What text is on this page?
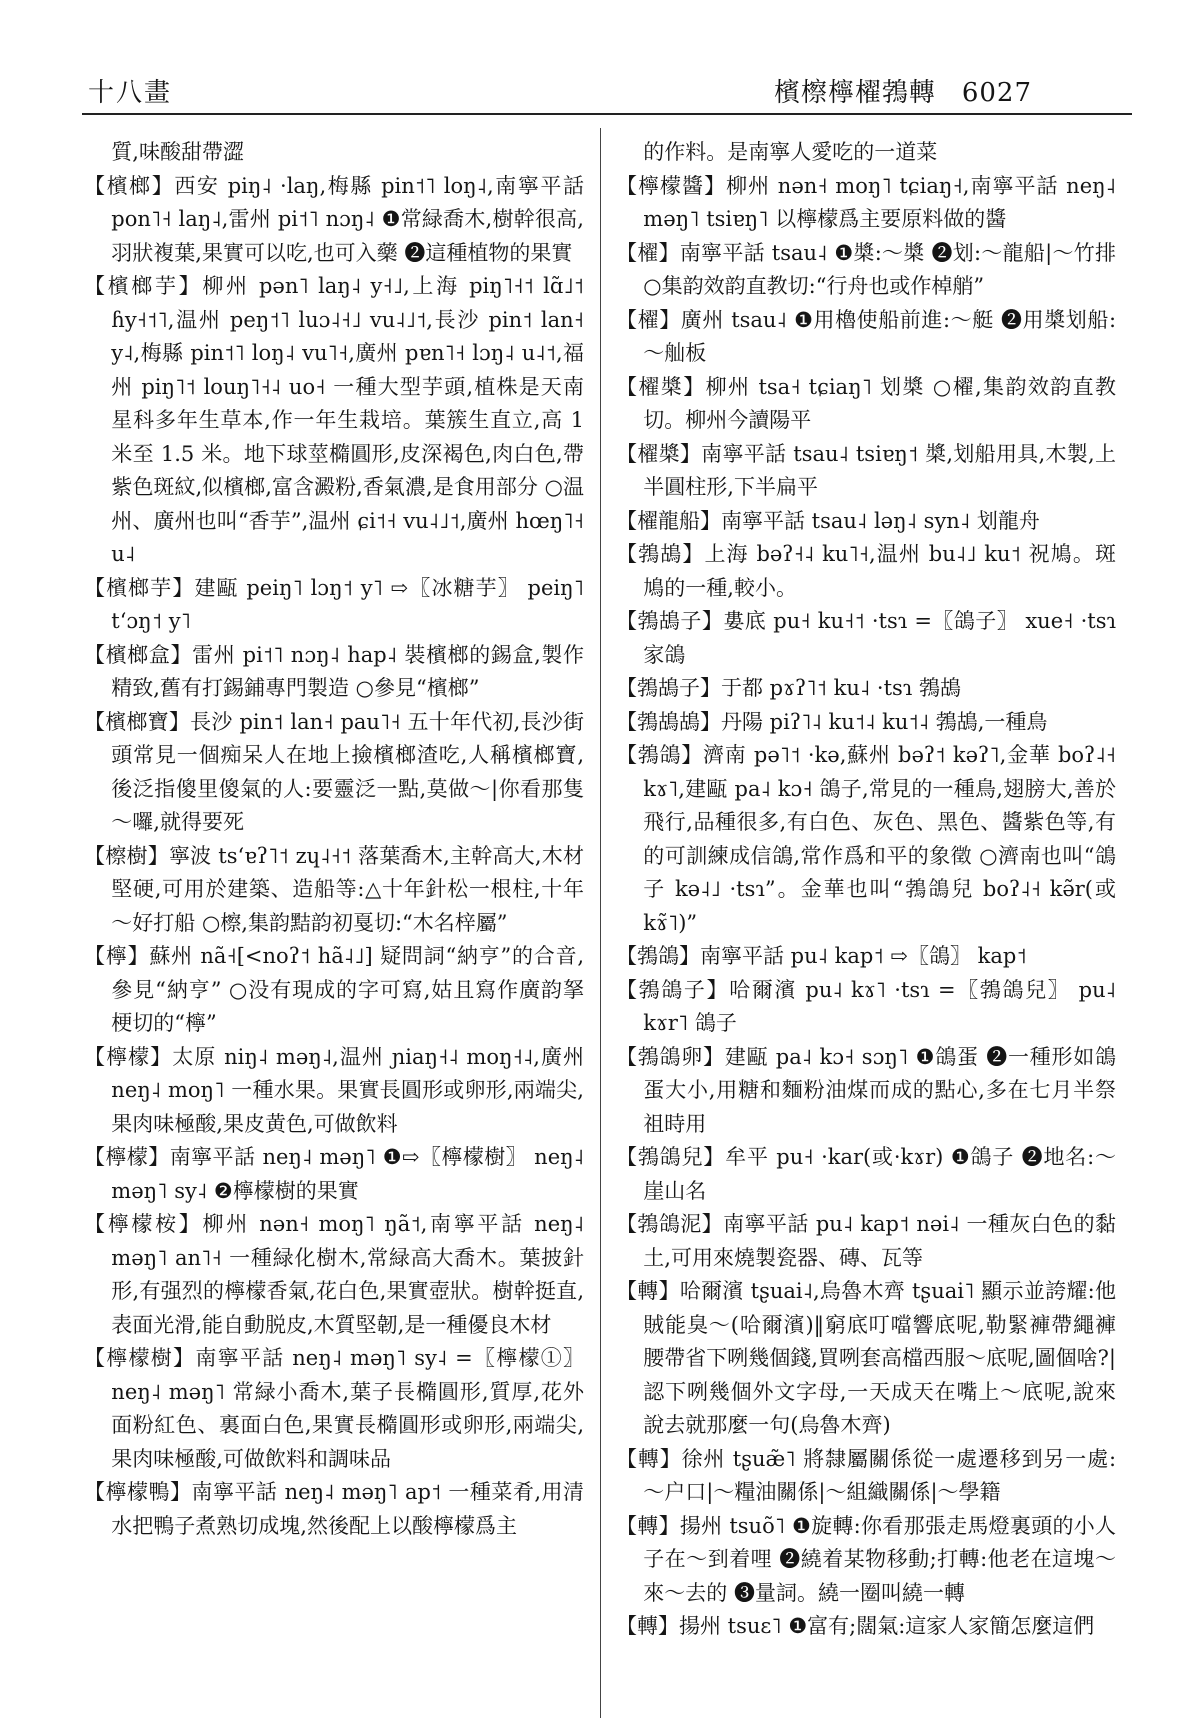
十八畫	檳檫檸櫂鵓轉 6027
質,味酸甜帶澀
【 檳榔 】 西安 piŋ˨ ·laŋ,梅縣 pin˦˥ loŋ˨,南寧平話 pon˥˧ laŋ˨,雷州 pi˦˥ nɔŋ˨ ❶常緑喬木,樹幹很高,羽狀複葉,果實可以吃,也可入藥 ❷這種植物的果實
【 檳榔芋 】 柳州 pən˥ laŋ˨ y˧˩,上海 piŋ˥˧˦ lɑ̃˩˦ ɦy˧˦˥,温州 peŋ˦˥ luɔ˨˧˩ vu˨˩˦,長沙 pin˦ lan˧ y˨,梅縣 pin˦˥ loŋ˨ vu˥˧,廣州 pɐn˥˧ lɔŋ˨ u˨˦,福州 piŋ˥˦ louŋ˥˧˨ uo˧ 一種大型芋頭,植株是天南星科多年生草本,作一年生栽培。葉簇生直立,高 1 米至 1.5 米。地下球莖橢圓形,皮深褐色,肉白色,帶紫色斑紋,似檳榔,富含澱粉,香氣濃,是食用部分 ○温州、廣州也叫“香芋”,温州 ɕi˦˧ vu˨˩˦,廣州 hœŋ˥˧ u˨
【 檳榔芋 】 建甌 peiŋ˥ lɔŋ˦ y˥ ⇨〖冰糖芋〗 peiŋ˥ tʻɔŋ˦ y˥
【 檳榔盒 】 雷州 pi˦˥ nɔŋ˨ hap˨ 裝檳榔的錫盒,製作精致,舊有打錫鋪專門製造 ○參見“檳榔”
【 檳榔寶 】 長沙 pin˦ lan˧ pau˥˧ 五十年代初,長沙街頭常見一個痴呆人在地上撿檳榔渣吃,人稱檳榔寶,後泛指傻里傻氣的人:要靈泛一點,莫做～|你看那隻～囉,就得要死
【 檫樹 】 寧波 tsʻɐʔ˥˦ zɥ˨˧˦ 落葉喬木,主幹高大,木材堅硬,可用於建築、造船等:△十年針松一根柱,十年～好打船 ○檫,集韵黠韵初戛切:“木名梓屬”
【 檸 】 蘇州 nã˧[<noʔ˦ hã˨˩] 疑問詞“納亨”的合音,參見“納亨” ○没有現成的字可寫,姑且寫作廣韵拏梗切的“檸”
【 檸檬 】 太原 niŋ˨ məŋ˨,温州 ɲiaŋ˧˨ moŋ˧˨,廣州 neŋ˨ moŋ˥ 一種水果。果實長圓形或卵形,兩端尖,果肉味極酸,果皮黄色,可做飲料
【 檸檬 】 南寧平話 neŋ˨ məŋ˥ ❶⇨〖檸檬樹〗 neŋ˨ məŋ˥ sy˨ ❷檸檬樹的果實
【 檸檬桉 】 柳州 nən˧ moŋ˥ ŋã˦,南寧平話 neŋ˨ məŋ˥ an˥˧ 一種緑化樹木,常緑高大喬木。葉披針形,有强烈的檸檬香氣,花白色,果實壺狀。樹幹挺直,表面光滑,能自動脱皮,木質堅韌,是一種優良木材
【 檸檬樹 】 南寧平話 neŋ˨ məŋ˥ sy˨ =〖檸檬①〗 neŋ˨ məŋ˥ 常緑小喬木,葉子長橢圓形,質厚,花外面粉紅色、裏面白色,果實長橢圓形或卵形,兩端尖,果肉味極酸,可做飲料和調味品
【 檸檬鴨 】 南寧平話 neŋ˨ məŋ˥ ap˦ 一種菜肴,用清水把鴨子煮熟切成塊,然後配上以酸檸檬爲主
的作料。是南寧人愛吃的一道菜
【 檸檬醬 】 柳州 nən˧ moŋ˥ tɕiaŋ˧,南寧平話 neŋ˨ məŋ˥ tsiɐŋ˥ 以檸檬爲主要原料做的醬
【 櫂 】 南寧平話 tsau˨ ❶槳:～槳 ❷划:～龍船|～竹排 ○集韵效韵直教切:“行舟也或作棹艄”
【 櫂 】 廣州 tsau˨ ❶用櫓使船前進:～艇 ❷用槳划船:～舢板
【 櫂槳 】 柳州 tsa˧ tɕiaŋ˥ 划槳 ○櫂,集韵效韵直教切。柳州今讀陽平
【 櫂槳 】 南寧平話 tsau˨ tsiɐŋ˦ 槳,划船用具,木製,上半圓柱形,下半扁平
【 櫂龍船 】 南寧平話 tsau˨ ləŋ˨ syn˨ 划龍舟
【 鵓鴣 】 上海 bəʔ˧˨ ku˥˧,温州 bu˨˩ ku˦ 祝鳩。斑鳩的一種,較小。
【 鵓鴣子 】 婁底 pu˧ ku˧˦ ·tsɿ =〖鴿子〗 xue˧ ·tsɿ 家鴿
【 鵓鴣子 】 于都 pɤʔ˥˦ ku˨ ·tsɿ 鵓鴣
【 鵓鴣鴣 】 丹陽 piʔ˥˨ ku˦˨ ku˦˨ 鵓鴣,一種鳥
【 鵓鴿 】 濟南 pə˥˦ ·kə,蘇州 bəʔ˦ kəʔ˥,金華 boʔ˨˧ kɤ˥,建甌 pa˨ kɔ˧ 鴿子,常見的一種鳥,翅膀大,善於飛行,品種很多,有白色、灰色、黑色、醬紫色等,有的可訓練成信鴿,常作爲和平的象徵 ○濟南也叫“鴿子 kə˨˩ ·tsɿ”。金華也叫“鵓鴿兒 boʔ˨˧ kə̃r(或kɤ̃˥)”
【 鵓鴿 】 南寧平話 pu˨ kap˦ ⇨〖鴿〗 kap˦
【 鵓鴿子 】 哈爾濱 pu˨ kɤ˥ ·tsɿ =〖鵓鴿兒〗 pu˨ kɤr˥ 鴿子
【 鵓鴿卵 】 建甌 pa˨ kɔ˧ sɔŋ˥ ❶鴿蛋 ❷一種形如鴿蛋大小,用糖和麵粉油煤而成的點心,多在七月半祭祖時用
【 鵓鴿兒 】 牟平 pu˧ ·kar(或·kɤr) ❶鴿子 ❷地名:～崖山名
【 鵓鴿泥 】 南寧平話 pu˨ kap˦ nəi˨ 一種灰白色的黏土,可用來燒製瓷器、磚、瓦等
【 轉 】 哈爾濱 tʂuai˨,烏魯木齊 tʂuai˥ 顯示並誇耀:他賊能臭～(哈爾濱)‖窮底叮噹響底呢,勒緊褲帶繩褲腰帶省下咧幾個錢,買咧套高檔西服～底呢,圖個啥?|認下咧幾個外文字母,一天成天在嘴上～底呢,說來說去就那麼一句(烏魯木齊)
【 轉 】 徐州 tʂuæ̃˥ 將隸屬關係從一處遷移到另一處:～户口|～糧油關係|～組織關係|～學籍
【 轉 】 揚州 tsuõ˥ ❶旋轉:你看那張走馬燈裏頭的小人子在～到着哩 ❷繞着某物移動;打轉:他老在這塊～來～去的 ❸量詞。繞一圈叫繞一轉
【 轉 】 揚州 tsuɛ˥ ❶富有;闊氣:這家人家簡怎麼這們
